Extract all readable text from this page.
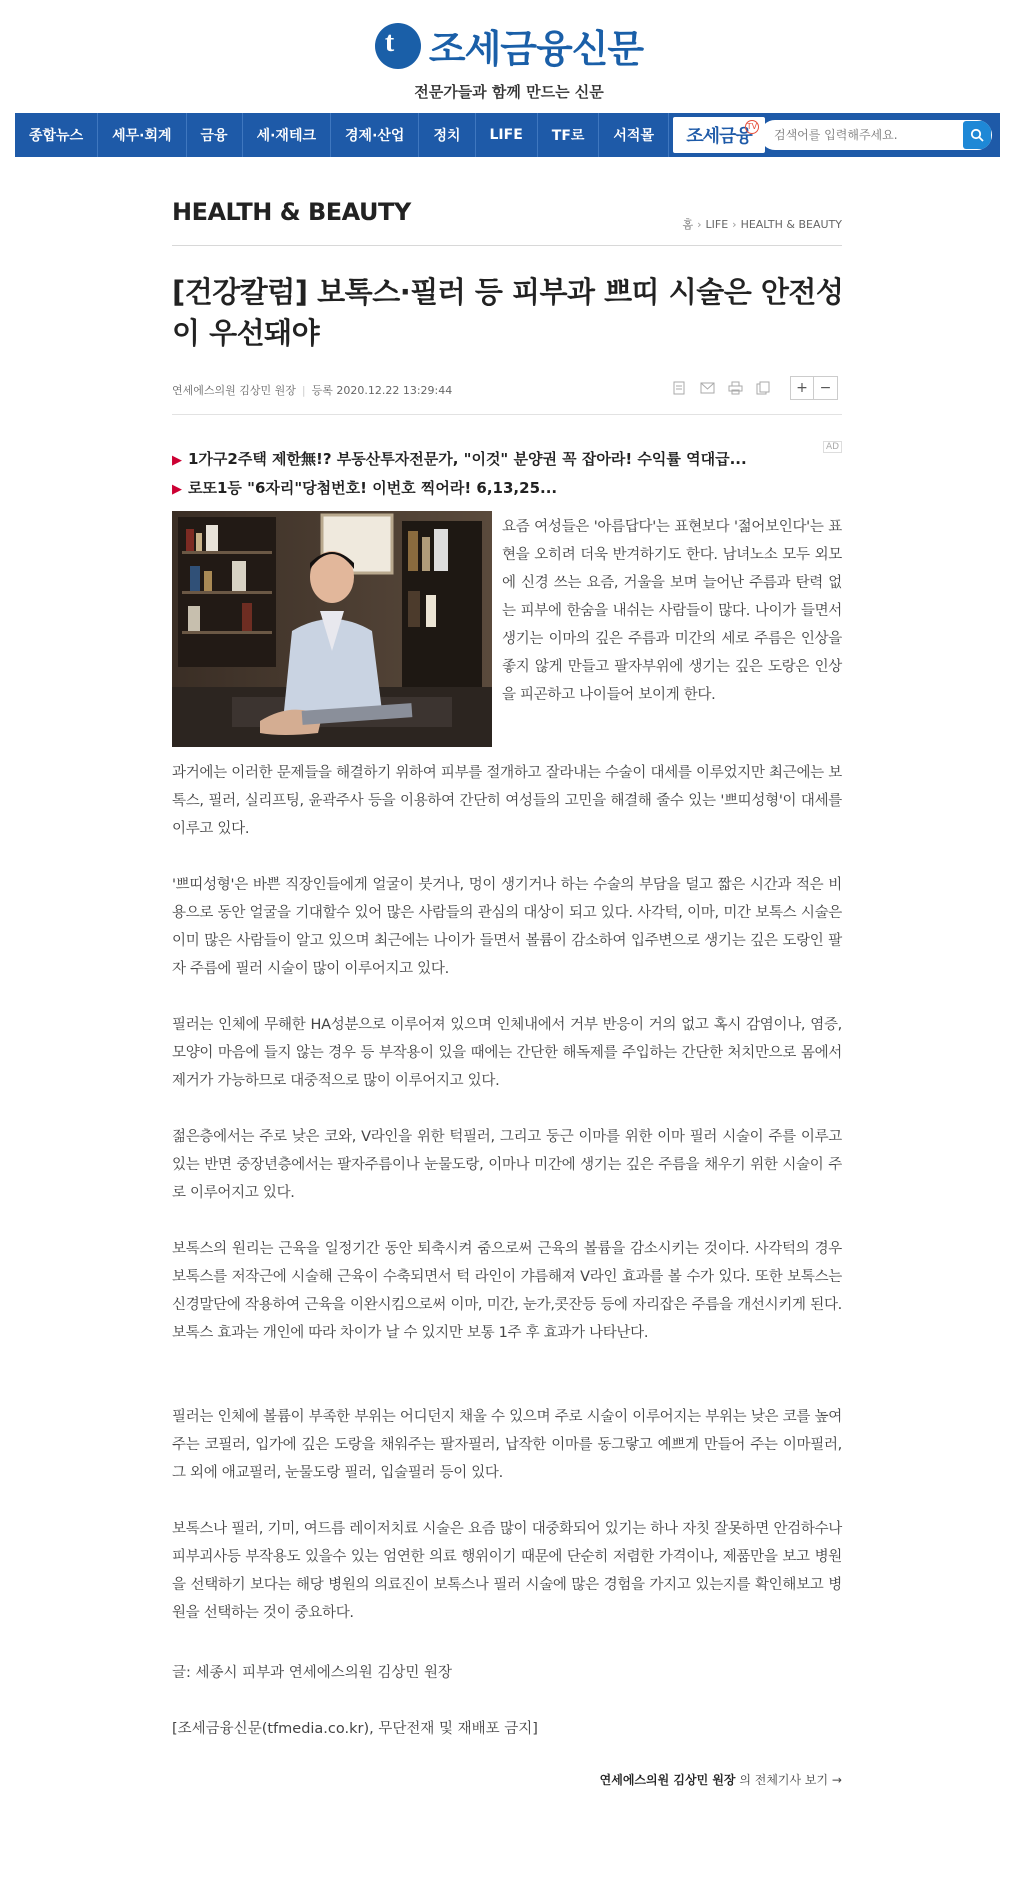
t 조세금융신문
전문가들과 함께 만드는 신문
종합뉴스	세무·회계	금융	세·재테크	경제·산업	정치	LIFE	TF로	서적몰	조세금융
TV
검색어를 입력해주세요.
HEALTH & BEAUTY	홈 › LIFE › HEALTH & BEAUTY
[건강칼럼] 보톡스·필러 등 피부과 쁘띠 시술은 안전성이 우선돼야
연세에스의원 김상민 원장 | 등록 2020.12.22 13:29:44	+ −
▶ 1가구2주택 제한無!? 부동산투자전문가, "이것" 분양권 꼭 잡아라! 수익률 역대급...
▶ 로또1등 "6자리"당첨번호! 이번호 찍어라! 6,13,25...
AD
요즘 여성들은 '아름답다'는 표현보다 '젊어보인다'는 표현을 오히려 더욱 반겨하기도 한다. 남녀노소 모두 외모에 신경 쓰는 요즘, 거울을 보며 늘어난 주름과 탄력 없는 피부에 한숨을 내쉬는 사람들이 많다. 나이가 들면서 생기는 이마의 깊은 주름과 미간의 세로 주름은 인상을 좋지 않게 만들고 팔자부위에 생기는 깊은 도랑은 인상을 피곤하고 나이들어 보이게 한다.
과거에는 이러한 문제들을 해결하기 위하여 피부를 절개하고 잘라내는 수술이 대세를 이루었지만 최근에는 보톡스, 필러, 실리프팅, 윤곽주사 등을 이용하여 간단히 여성들의 고민을 해결해 줄수 있는 '쁘띠성형'이 대세를 이루고 있다.
'쁘띠성형'은 바쁜 직장인들에게 얼굴이 붓거나, 멍이 생기거나 하는 수술의 부담을 덜고 짧은 시간과 적은 비용으로 동안 얼굴을 기대할수 있어 많은 사람들의 관심의 대상이 되고 있다. 사각턱, 이마, 미간 보톡스 시술은 이미 많은 사람들이 알고 있으며 최근에는 나이가 들면서 볼륨이 감소하여 입주변으로 생기는 깊은 도랑인 팔자 주름에 필러 시술이 많이 이루어지고 있다.
필러는 인체에 무해한 HA성분으로 이루어져 있으며 인체내에서 거부 반응이 거의 없고 혹시 감염이나, 염증, 모양이 마음에 들지 않는 경우 등 부작용이 있을 때에는 간단한 해독제를 주입하는 간단한 처치만으로 몸에서 제거가 가능하므로 대중적으로 많이 이루어지고 있다.
젊은층에서는 주로 낮은 코와, V라인을 위한 턱필러, 그리고 둥근 이마를 위한 이마 필러 시술이 주를 이루고 있는 반면 중장년층에서는 팔자주름이나 눈물도랑, 이마나 미간에 생기는 깊은 주름을 채우기 위한 시술이 주로 이루어지고 있다.
보톡스의 원리는 근육을 일정기간 동안 퇴축시켜 줌으로써 근육의 볼륨을 감소시키는 것이다. 사각턱의 경우 보톡스를 저작근에 시술해 근육이 수축되면서 턱 라인이 갸름해져 V라인 효과를 볼 수가 있다. 또한 보톡스는 신경말단에 작용하여 근육을 이완시킴으로써 이마, 미간, 눈가,콧잔등 등에 자리잡은 주름을 개선시키게 된다. 보톡스 효과는 개인에 따라 차이가 날 수 있지만 보통 1주 후 효과가 나타난다.
필러는 인체에 볼륨이 부족한 부위는 어디던지 채울 수 있으며 주로 시술이 이루어지는 부위는 낮은 코를 높여주는 코필러, 입가에 깊은 도랑을 채워주는 팔자필러, 납작한 이마를 동그랗고 예쁘게 만들어 주는 이마필러, 그 외에 애교필러, 눈물도랑 필러, 입술필러 등이 있다.
보톡스나 필러, 기미, 여드름 레이저치료 시술은 요즘 많이 대중화되어 있기는 하나 자칫 잘못하면 안검하수나 피부괴사등 부작용도 있을수 있는 엄연한 의료 행위이기 때문에 단순히 저렴한 가격이나, 제품만을 보고 병원을 선택하기 보다는 해당 병원의 의료진이 보톡스나 필러 시술에 많은 경험을 가지고 있는지를 확인해보고 병원을 선택하는 것이 중요하다.
글: 세종시 피부과 연세에스의원 김상민 원장
[조세금융신문(tfmedia.co.kr), 무단전재 및 재배포 금지]
연세에스의원 김상민 원장 의 전체기사 보기 →
